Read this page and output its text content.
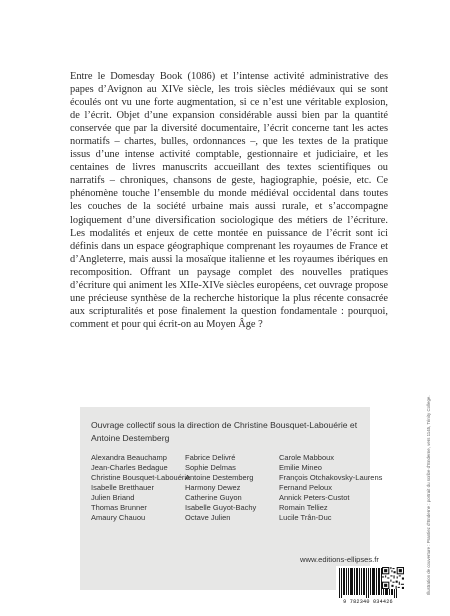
Entre le Domesday Book (1086) et l’intense activité administrative des papes d’Avignon au XIVe siècle, les trois siècles médiévaux qui se sont écoulés ont vu une forte augmentation, si ce n’est une véritable explosion, de l’écrit. Objet d’une expansion considérable aussi bien par la quantité conservée que par la diversité documentaire, l’écrit concerne tant les actes normatifs – chartes, bulles, ordonnances –, que les textes de la pratique issus d’une intense activité comptable, gestionnaire et judiciaire, et les centaines de livres manuscrits accueillant des textes scientifiques ou narratifs – chroniques, chansons de geste, hagiographie, poésie, etc. Ce phénomène touche l’ensemble du monde médiéval occidental dans toutes les couches de la société urbaine mais aussi rurale, et s’accompagne logiquement d’une diversification sociologique des métiers de l’écriture. Les modalités et enjeux de cette montée en puissance de l’écrit sont ici définis dans un espace géographique comprenant les royaumes de France et d’Angleterre, mais aussi la mosaïque italienne et les royaumes ibériques en recomposition. Offrant un paysage complet des nouvelles pratiques d’écriture qui animent les XIIe-XIVe siècles européens, cet ouvrage propose une précieuse synthèse de la recherche historique la plus récente consacrée aux scripturalités et pose finalement la question fondamentale : pourquoi, comment et pour qui écrit-on au Moyen Âge ?

Ouvrage collectif sous la direction de Christine Bousquet-Labouérie et Antoine Destemberg
Alexandra Beauchamp
Jean-Charles Bedague
Christine Bousquet-Labouérie
Isabelle Bretthauer
Julien Briand
Thomas Brunner
Amaury Chauou
Fabrice Delivré
Sophie Delmas
Antoine Destemberg
Harmony Dewez
Catherine Guyon
Isabelle Guyot-Bachy
Octave Julien
Carole Mabboux
Emilie Mineo
François Otchakovsky-Laurens
Fernand Peloux
Annick Peters-Custot
Romain Telliez
Lucile Trân-Duc
www.editions-ellipses.fr
9 782340 034426
Illustration de couverture : Prantiez d’Enderne : portrait du scribe d’Enderne, vers 1145, Trinity College.
